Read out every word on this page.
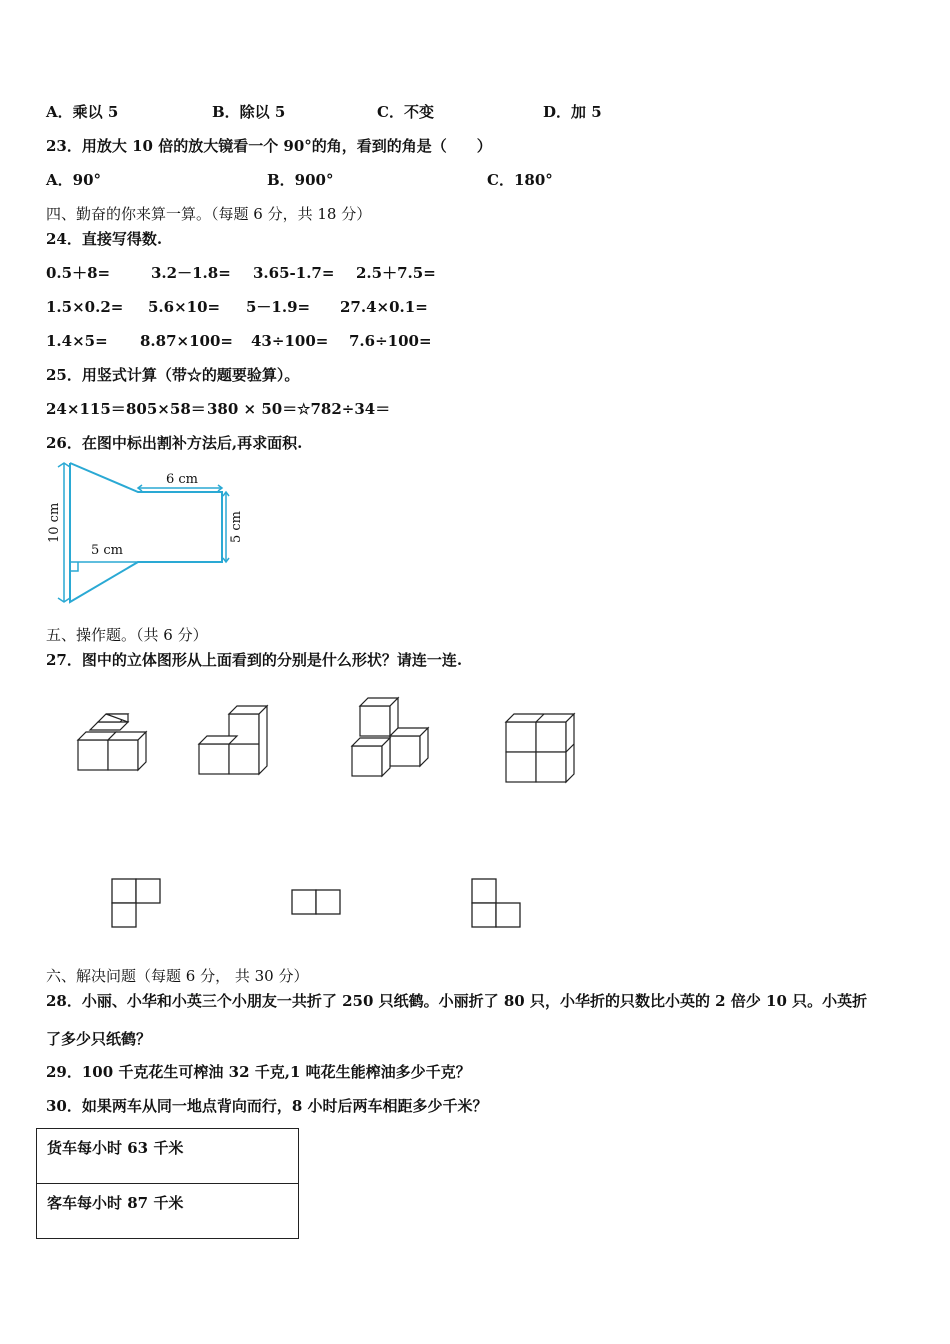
A．乘以 5	B．除以 5	C．不变	D．加 5
23．用放大 10 倍的放大镜看一个 90°的角，看到的角是（　　）
A．90°	B．900°	C．180°
四、勤奋的你来算一算。（每题 6 分，共 18 分）
24．直接写得数.
0.5＋8=	3.2－1.8= 3.65-1.7= 2.5＋7.5=
1.5×0.2= 5.6×10= 5－1.9= 27.4×0.1=
1.4×5= 8.87×100= 43÷100= 7.6÷100=
25．用竖式计算（带☆的题要验算）。
24×115＝ 805×58＝ 380 × 50＝ ☆782÷34＝
26．在图中标出割补方法后,再求面积.
10 cm
6 cm
5 cm
5 cm
五、操作题。（共 6 分）
27．图中的立体图形从上面看到的分别是什么形状？请连一连.
六、解决问题（每题 6 分， 共 30 分）
28．小丽、小华和小英三个小朋友一共折了 250 只纸鹤。小丽折了 80 只，小华折的只数比小英的 2 倍少 10 只。小英折
了多少只纸鹤？
29．100 千克花生可榨油 32 千克,1 吨花生能榨油多少千克？
30．如果两车从同一地点背向而行，8 小时后两车相距多少千米？
货车每小时 63 千米
客车每小时 87 千米
